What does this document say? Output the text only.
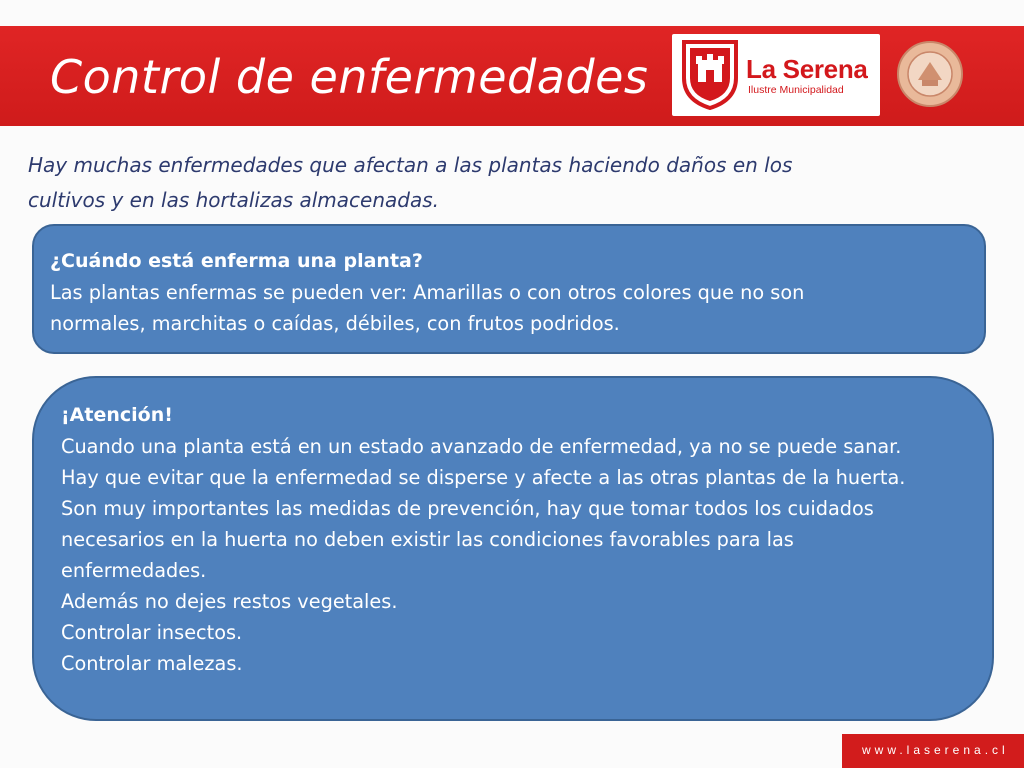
Control de enfermedades	La Serena
Ilustre Municipalidad
Hay muchas enfermedades que afectan a las plantas haciendo daños en los
cultivos y en las hortalizas almacenadas.
¿Cuándo está enferma una planta?
Las plantas enfermas se pueden ver: Amarillas o con otros colores que no son
normales, marchitas o caídas, débiles, con frutos podridos.
¡Atención!
Cuando una planta está en un estado avanzado de enfermedad, ya no se puede sanar.
Hay que evitar que la enfermedad se disperse y afecte a las otras plantas de la huerta.
Son muy importantes las medidas de prevención, hay que tomar todos los cuidados
necesarios en la huerta no deben existir las condiciones favorables para las
enfermedades.
Además no dejes restos vegetales.
Controlar insectos.
Controlar malezas.
www.laserena.cl
